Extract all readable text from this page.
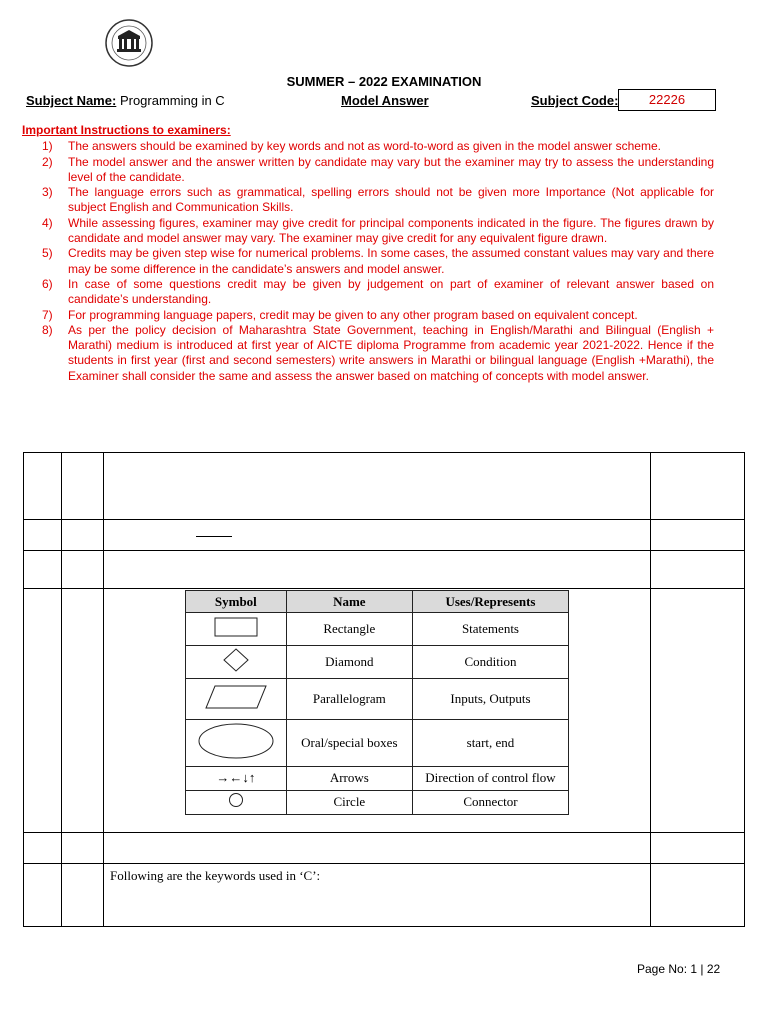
SUMMER – 2022 EXAMINATION
Subject Name: Programming in C	Model Answer	Subject Code:	22226
Important Instructions to examiners:
1) The answers should be examined by key words and not as word-to-word as given in the model answer scheme.
2) The model answer and the answer written by candidate may vary but the examiner may try to assess the understanding level of the candidate.
3) The language errors such as grammatical, spelling errors should not be given more Importance (Not applicable for subject English and Communication Skills.
4) While assessing figures, examiner may give credit for principal components indicated in the figure. The figures drawn by candidate and model answer may vary. The examiner may give credit for any equivalent figure drawn.
5) Credits may be given step wise for numerical problems. In some cases, the assumed constant values may vary and there may be some difference in the candidate’s answers and model answer.
6) In case of some questions credit may be given by judgement on part of examiner of relevant answer based on candidate’s understanding.
7) For programming language papers, credit may be given to any other program based on equivalent concept.
8) As per the policy decision of Maharashtra State Government, teaching in English/Marathi and Bilingual (English + Marathi) medium is introduced at first year of AICTE diploma Programme from academic year 2021-2022. Hence if the students in first year (first and second semesters) write answers in Marathi or bilingual language (English +Marathi), the Examiner shall consider the same and assess the answer based on matching of concepts with model answer.
Symbol	Name	Uses/Represents
	Rectangle	Statements
	Diamond	Condition
	Parallelogram	Inputs, Outputs
	Oral/special boxes	start, end
→←↓↑	Arrows	Direction of control flow
	Circle	Connector
Following are the keywords used in ‘C’:
Page No: 1 | 22
